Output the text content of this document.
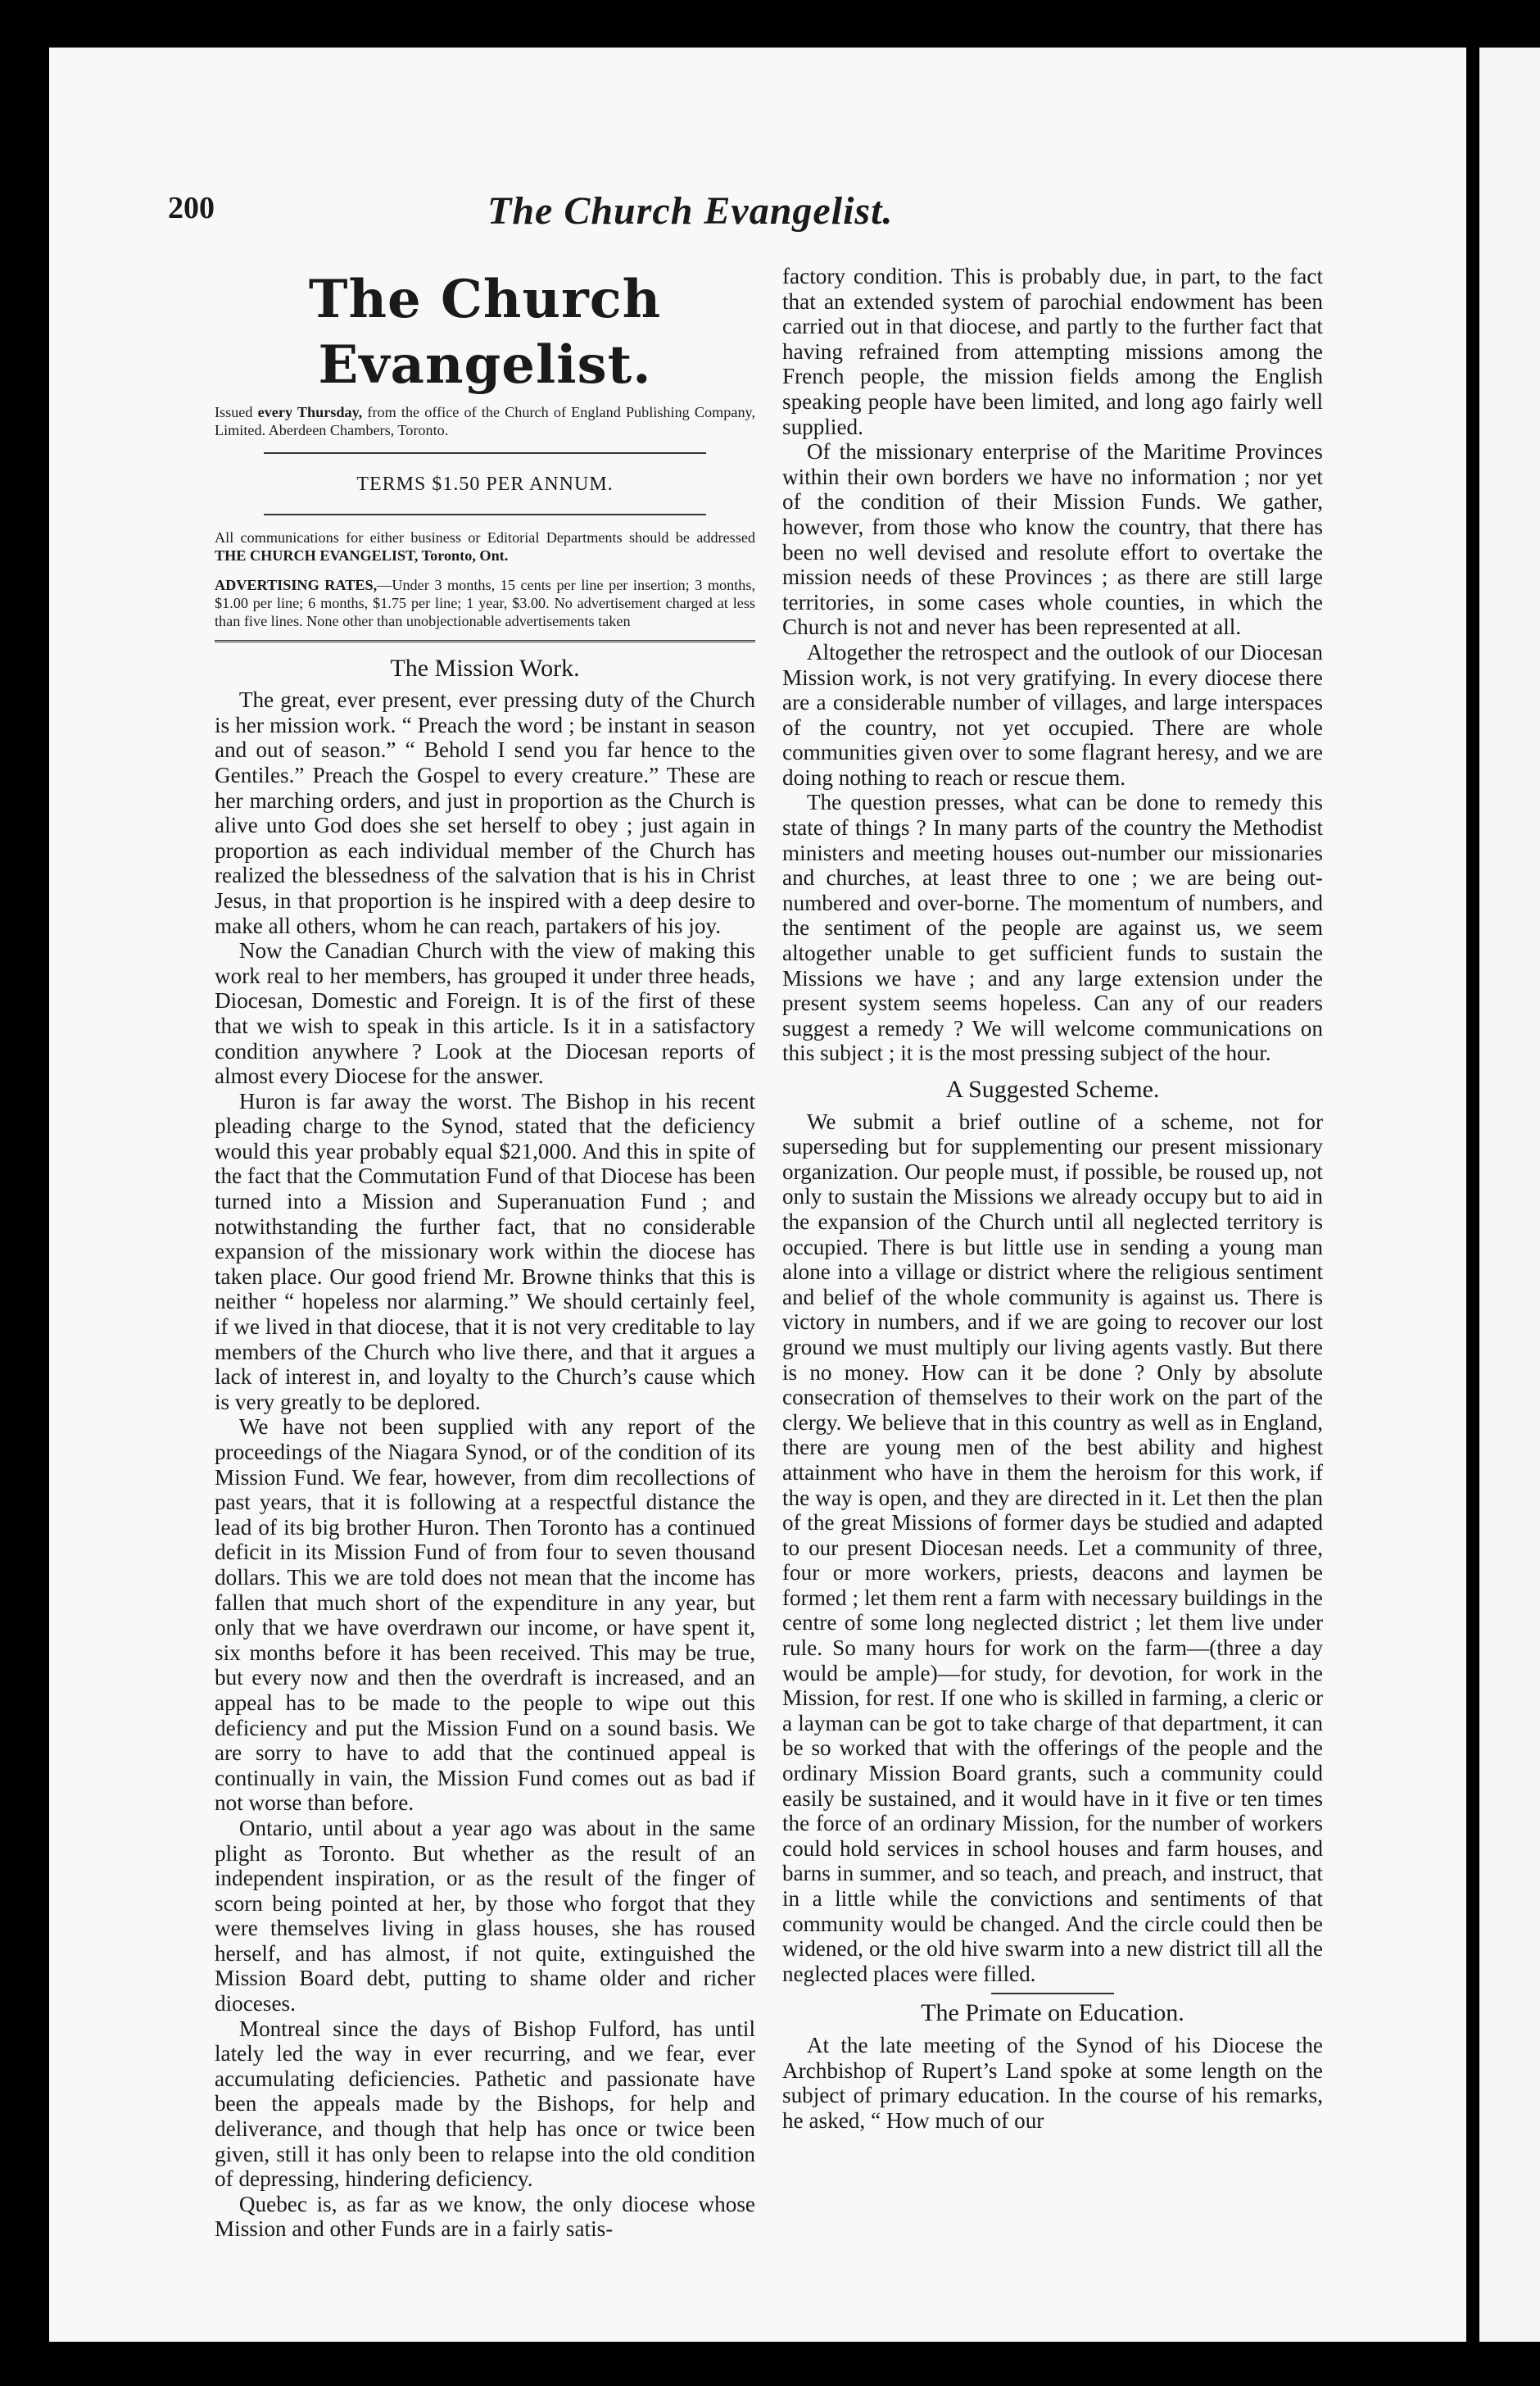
200	The Church Evangelist.
The Church Evangelist.
Issued every Thursday, from the office of the Church of England Publishing Company, Limited. Aberdeen Chambers, Toronto.
TERMS $1.50 PER ANNUM.
All communications for either business or Editorial Departments should be addressed THE CHURCH EVANGELIST, Toronto, Ont.
ADVERTISING RATES,—Under 3 months, 15 cents per line per insertion; 3 months, $1.00 per line; 6 months, $1.75 per line; 1 year, $3.00. No advertisement charged at less than five lines. None other than unobjectionable advertisements taken
The Mission Work.

The great, ever present, ever pressing duty of the Church is her mission work. “ Preach the word ; be instant in season and out of season.” “ Behold I send you far hence to the Gentiles.” Preach the Gospel to every creature.” These are her marching orders, and just in proportion as the Church is alive unto God does she set herself to obey ; just again in proportion as each individual member of the Church has realized the blessedness of the salvation that is his in Christ Jesus, in that proportion is he inspired with a deep desire to make all others, whom he can reach, partakers of his joy.

Now the Canadian Church with the view of making this work real to her members, has grouped it under three heads, Diocesan, Domestic and Foreign. It is of the first of these that we wish to speak in this article. Is it in a satisfactory condition anywhere ? Look at the Diocesan reports of almost every Diocese for the answer.

Huron is far away the worst. The Bishop in his recent pleading charge to the Synod, stated that the deficiency would this year probably equal $21,000. And this in spite of the fact that the Commutation Fund of that Diocese has been turned into a Mission and Superanuation Fund ; and notwithstanding the further fact, that no considerable expansion of the missionary work within the diocese has taken place. Our good friend Mr. Browne thinks that this is neither “ hopeless nor alarming.” We should certainly feel, if we lived in that diocese, that it is not very creditable to lay members of the Church who live there, and that it argues a lack of interest in, and loyalty to the Church’s cause which is very greatly to be deplored.

We have not been supplied with any report of the proceedings of the Niagara Synod, or of the condition of its Mission Fund. We fear, however, from dim recollections of past years, that it is following at a respectful distance the lead of its big brother Huron. Then Toronto has a continued deficit in its Mission Fund of from four to seven thousand dollars. This we are told does not mean that the income has fallen that much short of the expenditure in any year, but only that we have overdrawn our income, or have spent it, six months before it has been received. This may be true, but every now and then the overdraft is increased, and an appeal has to be made to the people to wipe out this deficiency and put the Mission Fund on a sound basis. We are sorry to have to add that the continued appeal is continually in vain, the Mission Fund comes out as bad if not worse than before.

Ontario, until about a year ago was about in the same plight as Toronto. But whether as the result of an independent inspiration, or as the result of the finger of scorn being pointed at her, by those who forgot that they were themselves living in glass houses, she has roused herself, and has almost, if not quite, extinguished the Mission Board debt, putting to shame older and richer dioceses.

Montreal since the days of Bishop Fulford, has until lately led the way in ever recurring, and we fear, ever accumulating deficiencies. Pathetic and passionate have been the appeals made by the Bishops, for help and deliverance, and though that help has once or twice been given, still it has only been to relapse into the old condition of depressing, hindering deficiency.

Quebec is, as far as we know, the only diocese whose Mission and other Funds are in a fairly satis-

factory condition. This is probably due, in part, to the fact that an extended system of parochial endowment has been carried out in that diocese, and partly to the further fact that having refrained from attempting missions among the French people, the mission fields among the English speaking people have been limited, and long ago fairly well supplied.

Of the missionary enterprise of the Maritime Provinces within their own borders we have no information ; nor yet of the condition of their Mission Funds. We gather, however, from those who know the country, that there has been no well devised and resolute effort to overtake the mission needs of these Provinces ; as there are still large territories, in some cases whole counties, in which the Church is not and never has been represented at all.

Altogether the retrospect and the outlook of our Diocesan Mission work, is not very gratifying. In every diocese there are a considerable number of villages, and large interspaces of the country, not yet occupied. There are whole communities given over to some flagrant heresy, and we are doing nothing to reach or rescue them.

The question presses, what can be done to remedy this state of things ? In many parts of the country the Methodist ministers and meeting houses out-number our missionaries and churches, at least three to one ; we are being out-numbered and over-borne. The momentum of numbers, and the sentiment of the people are against us, we seem altogether unable to get sufficient funds to sustain the Missions we have ; and any large extension under the present system seems hopeless. Can any of our readers suggest a remedy ? We will welcome communications on this subject ; it is the most pressing subject of the hour.

A Suggested Scheme.

We submit a brief outline of a scheme, not for superseding but for supplementing our present missionary organization. Our people must, if possible, be roused up, not only to sustain the Missions we already occupy but to aid in the expansion of the Church until all neglected territory is occupied. There is but little use in sending a young man alone into a village or district where the religious sentiment and belief of the whole community is against us. There is victory in numbers, and if we are going to recover our lost ground we must multiply our living agents vastly. But there is no money. How can it be done ? Only by absolute consecration of themselves to their work on the part of the clergy. We believe that in this country as well as in England, there are young men of the best ability and highest attainment who have in them the heroism for this work, if the way is open, and they are directed in it. Let then the plan of the great Missions of former days be studied and adapted to our present Diocesan needs. Let a community of three, four or more workers, priests, deacons and laymen be formed ; let them rent a farm with necessary buildings in the centre of some long neglected district ; let them live under rule. So many hours for work on the farm—(three a day would be ample)—for study, for devotion, for work in the Mission, for rest. If one who is skilled in farming, a cleric or a layman can be got to take charge of that department, it can be so worked that with the offerings of the people and the ordinary Mission Board grants, such a community could easily be sustained, and it would have in it five or ten times the force of an ordinary Mission, for the number of workers could hold services in school houses and farm houses, and barns in summer, and so teach, and preach, and instruct, that in a little while the convictions and sentiments of that community would be changed. And the circle could then be widened, or the old hive swarm into a new district till all the neglected places were filled.

The Primate on Education.

At the late meeting of the Synod of his Diocese the Archbishop of Rupert’s Land spoke at some length on the subject of primary education. In the course of his remarks, he asked, “ How much of our
